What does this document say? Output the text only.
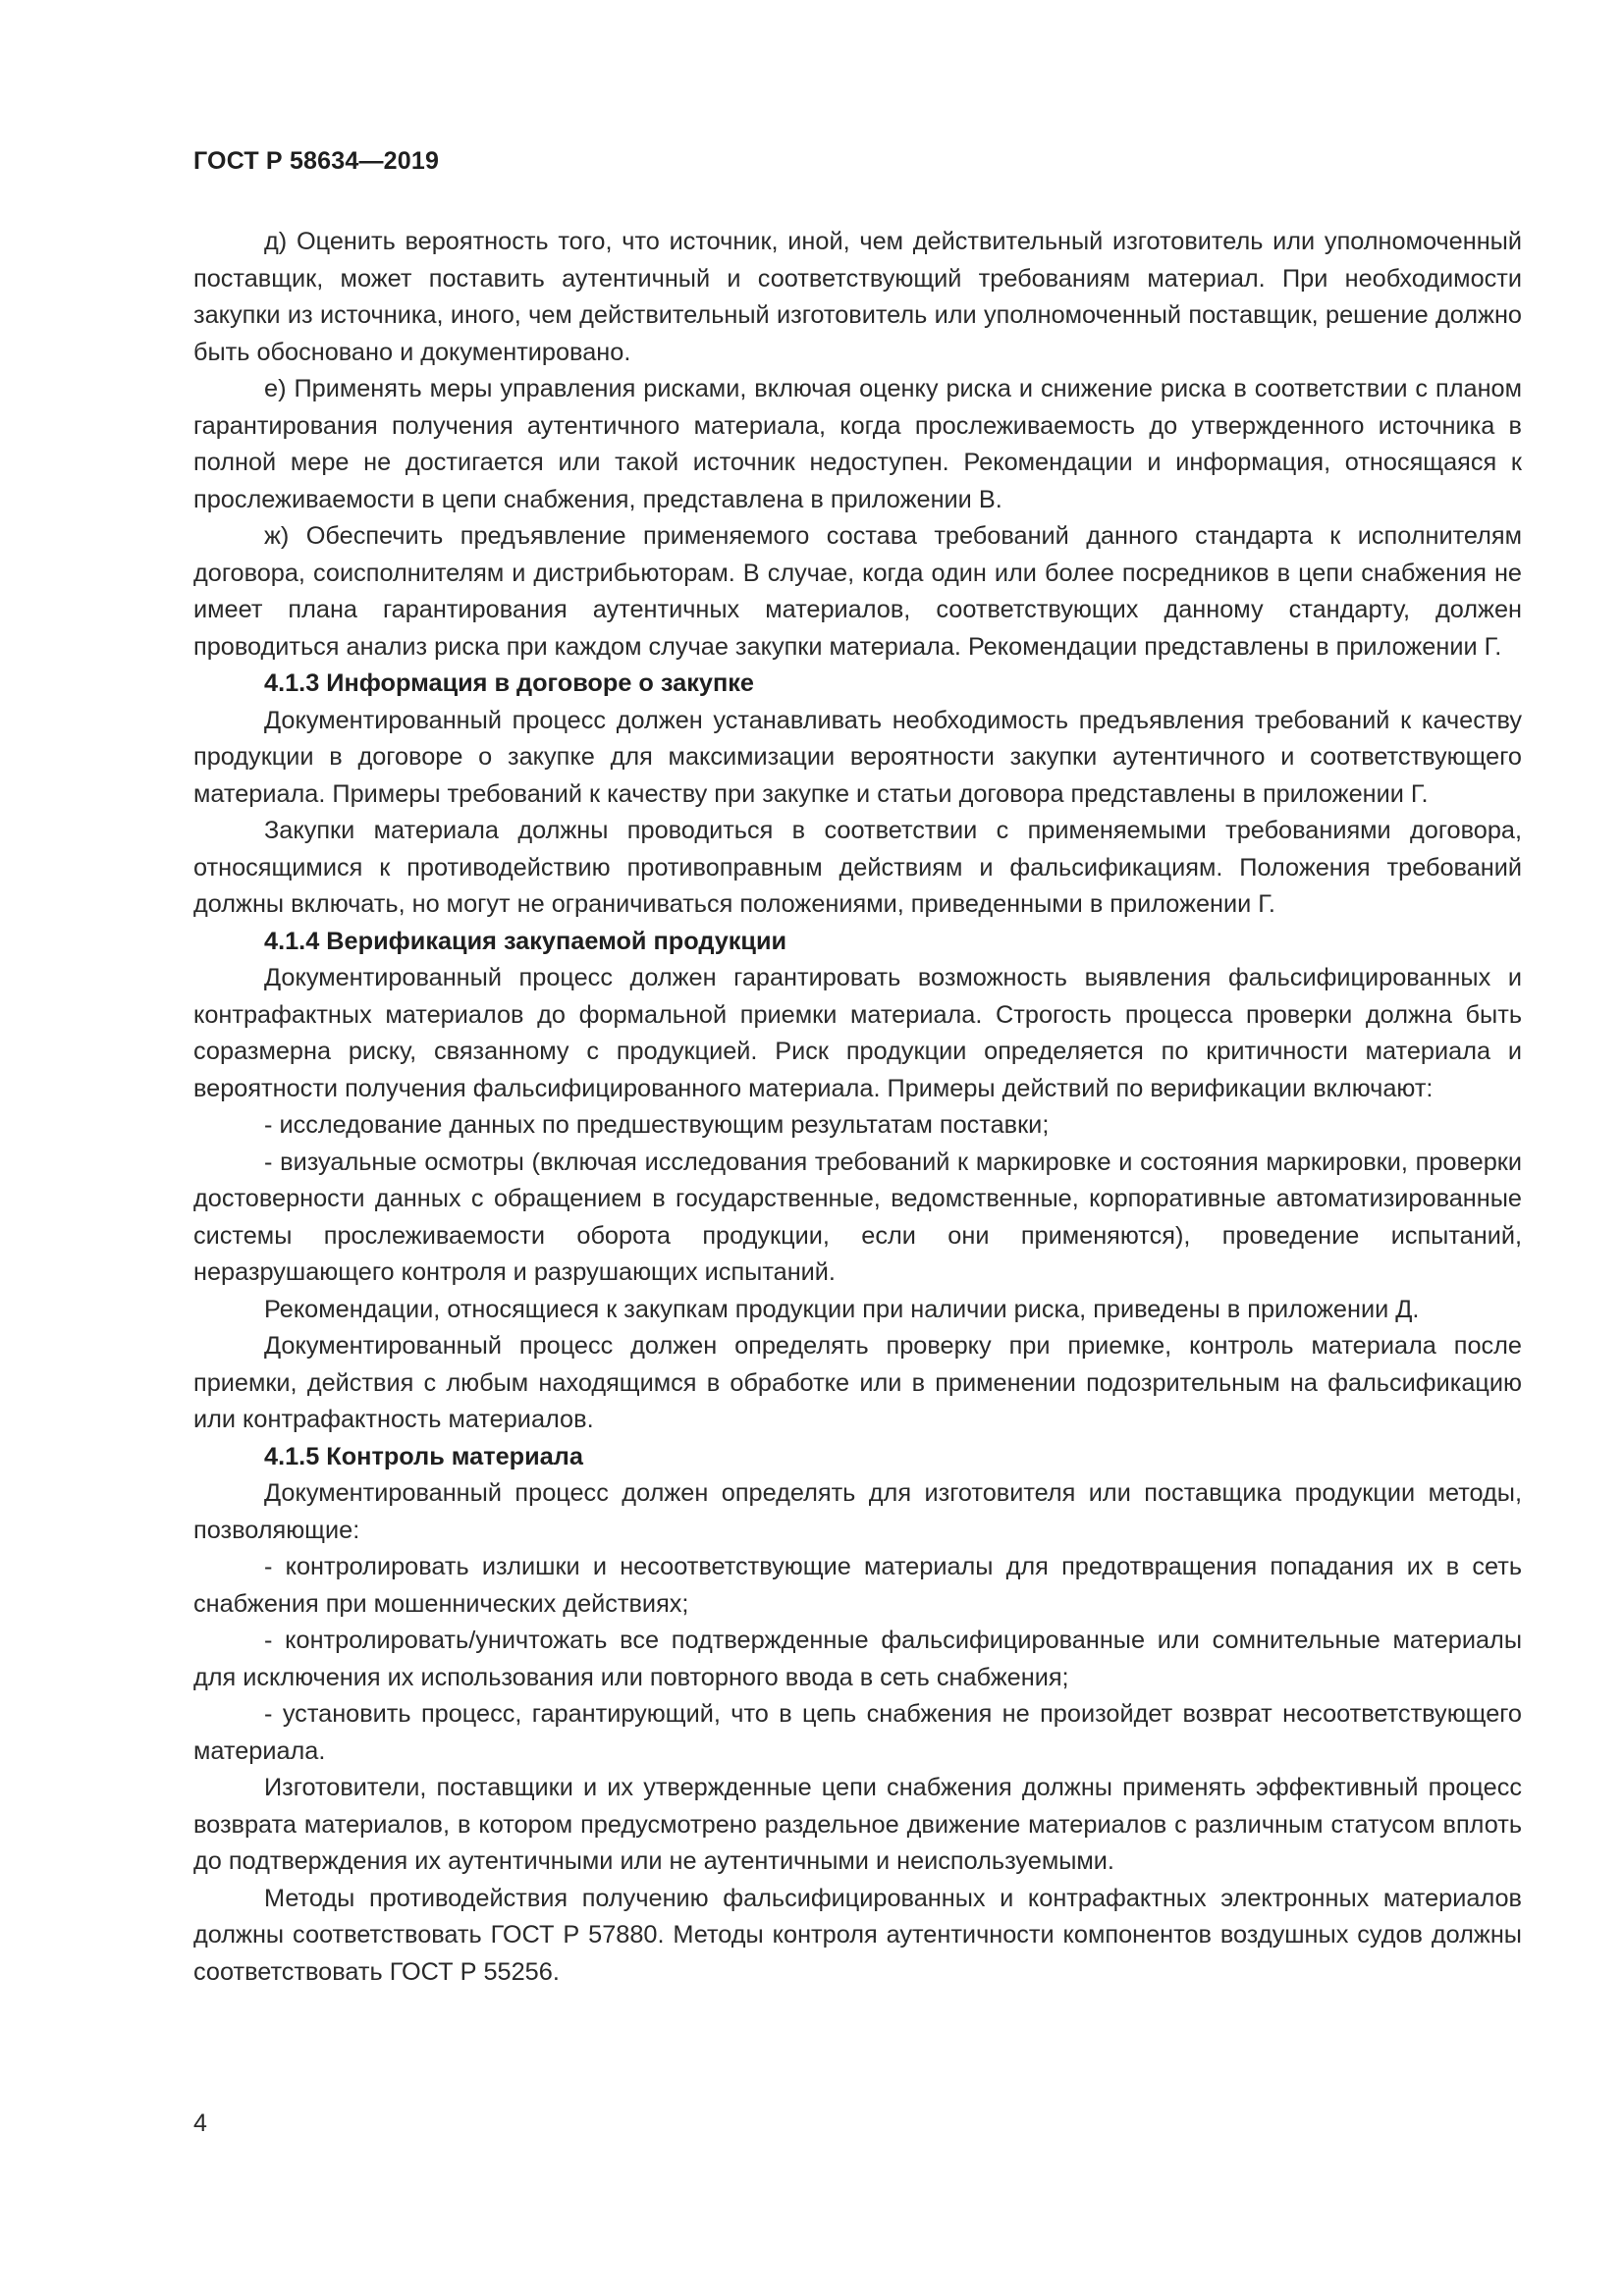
ГОСТ Р 58634—2019

д) Оценить вероятность того, что источник, иной, чем действительный изготовитель или уполномоченный поставщик, может поставить аутентичный и соответствующий требованиям материал. При необходимости закупки из источника, иного, чем действительный изготовитель или уполномоченный поставщик, решение должно быть обосновано и документировано.

е) Применять меры управления рисками, включая оценку риска и снижение риска в соответствии с планом гарантирования получения аутентичного материала, когда прослеживаемость до утвержденного источника в полной мере не достигается или такой источник недоступен. Рекомендации и информация, относящаяся к прослеживаемости в цепи снабжения, представлена в приложении В.

ж) Обеспечить предъявление применяемого состава требований данного стандарта к исполнителям договора, соисполнителям и дистрибьюторам. В случае, когда один или более посредников в цепи снабжения не имеет плана гарантирования аутентичных материалов, соответствующих данному стандарту, должен проводиться анализ риска при каждом случае закупки материала. Рекомендации представлены в приложении Г.

4.1.3 Информация в договоре о закупке

Документированный процесс должен устанавливать необходимость предъявления требований к качеству продукции в договоре о закупке для максимизации вероятности закупки аутентичного и соответствующего материала. Примеры требований к качеству при закупке и статьи договора представлены в приложении Г.

Закупки материала должны проводиться в соответствии с применяемыми требованиями договора, относящимися к противодействию противоправным действиям и фальсификациям. Положения требований должны включать, но могут не ограничиваться положениями, приведенными в приложении Г.

4.1.4 Верификация закупаемой продукции

Документированный процесс должен гарантировать возможность выявления фальсифицированных и контрафактных материалов до формальной приемки материала. Строгость процесса проверки должна быть соразмерна риску, связанному с продукцией. Риск продукции определяется по критичности материала и вероятности получения фальсифицированного материала. Примеры действий по верификации включают:

- исследование данных по предшествующим результатам поставки;

- визуальные осмотры (включая исследования требований к маркировке и состояния маркировки, проверки достоверности данных с обращением в государственные, ведомственные, корпоративные автоматизированные системы прослеживаемости оборота продукции, если они применяются), проведение испытаний, неразрушающего контроля и разрушающих испытаний.

Рекомендации, относящиеся к закупкам продукции при наличии риска, приведены в приложении Д.

Документированный процесс должен определять проверку при приемке, контроль материала после приемки, действия с любым находящимся в обработке или в применении подозрительным на фальсификацию или контрафактность материалов.

4.1.5 Контроль материала

Документированный процесс должен определять для изготовителя или поставщика продукции методы, позволяющие:

- контролировать излишки и несоответствующие материалы для предотвращения попадания их в сеть снабжения при мошеннических действиях;

- контролировать/уничтожать все подтвержденные фальсифицированные или сомнительные материалы для исключения их использования или повторного ввода в сеть снабжения;

- установить процесс, гарантирующий, что в цепь снабжения не произойдет возврат несоответствующего материала.

Изготовители, поставщики и их утвержденные цепи снабжения должны применять эффективный процесс возврата материалов, в котором предусмотрено раздельное движение материалов с различным статусом вплоть до подтверждения их аутентичными или не аутентичными и неиспользуемыми.

Методы противодействия получению фальсифицированных и контрафактных электронных материалов должны соответствовать ГОСТ Р 57880. Методы контроля аутентичности компонентов воздушных судов должны соответствовать ГОСТ Р 55256.

4
